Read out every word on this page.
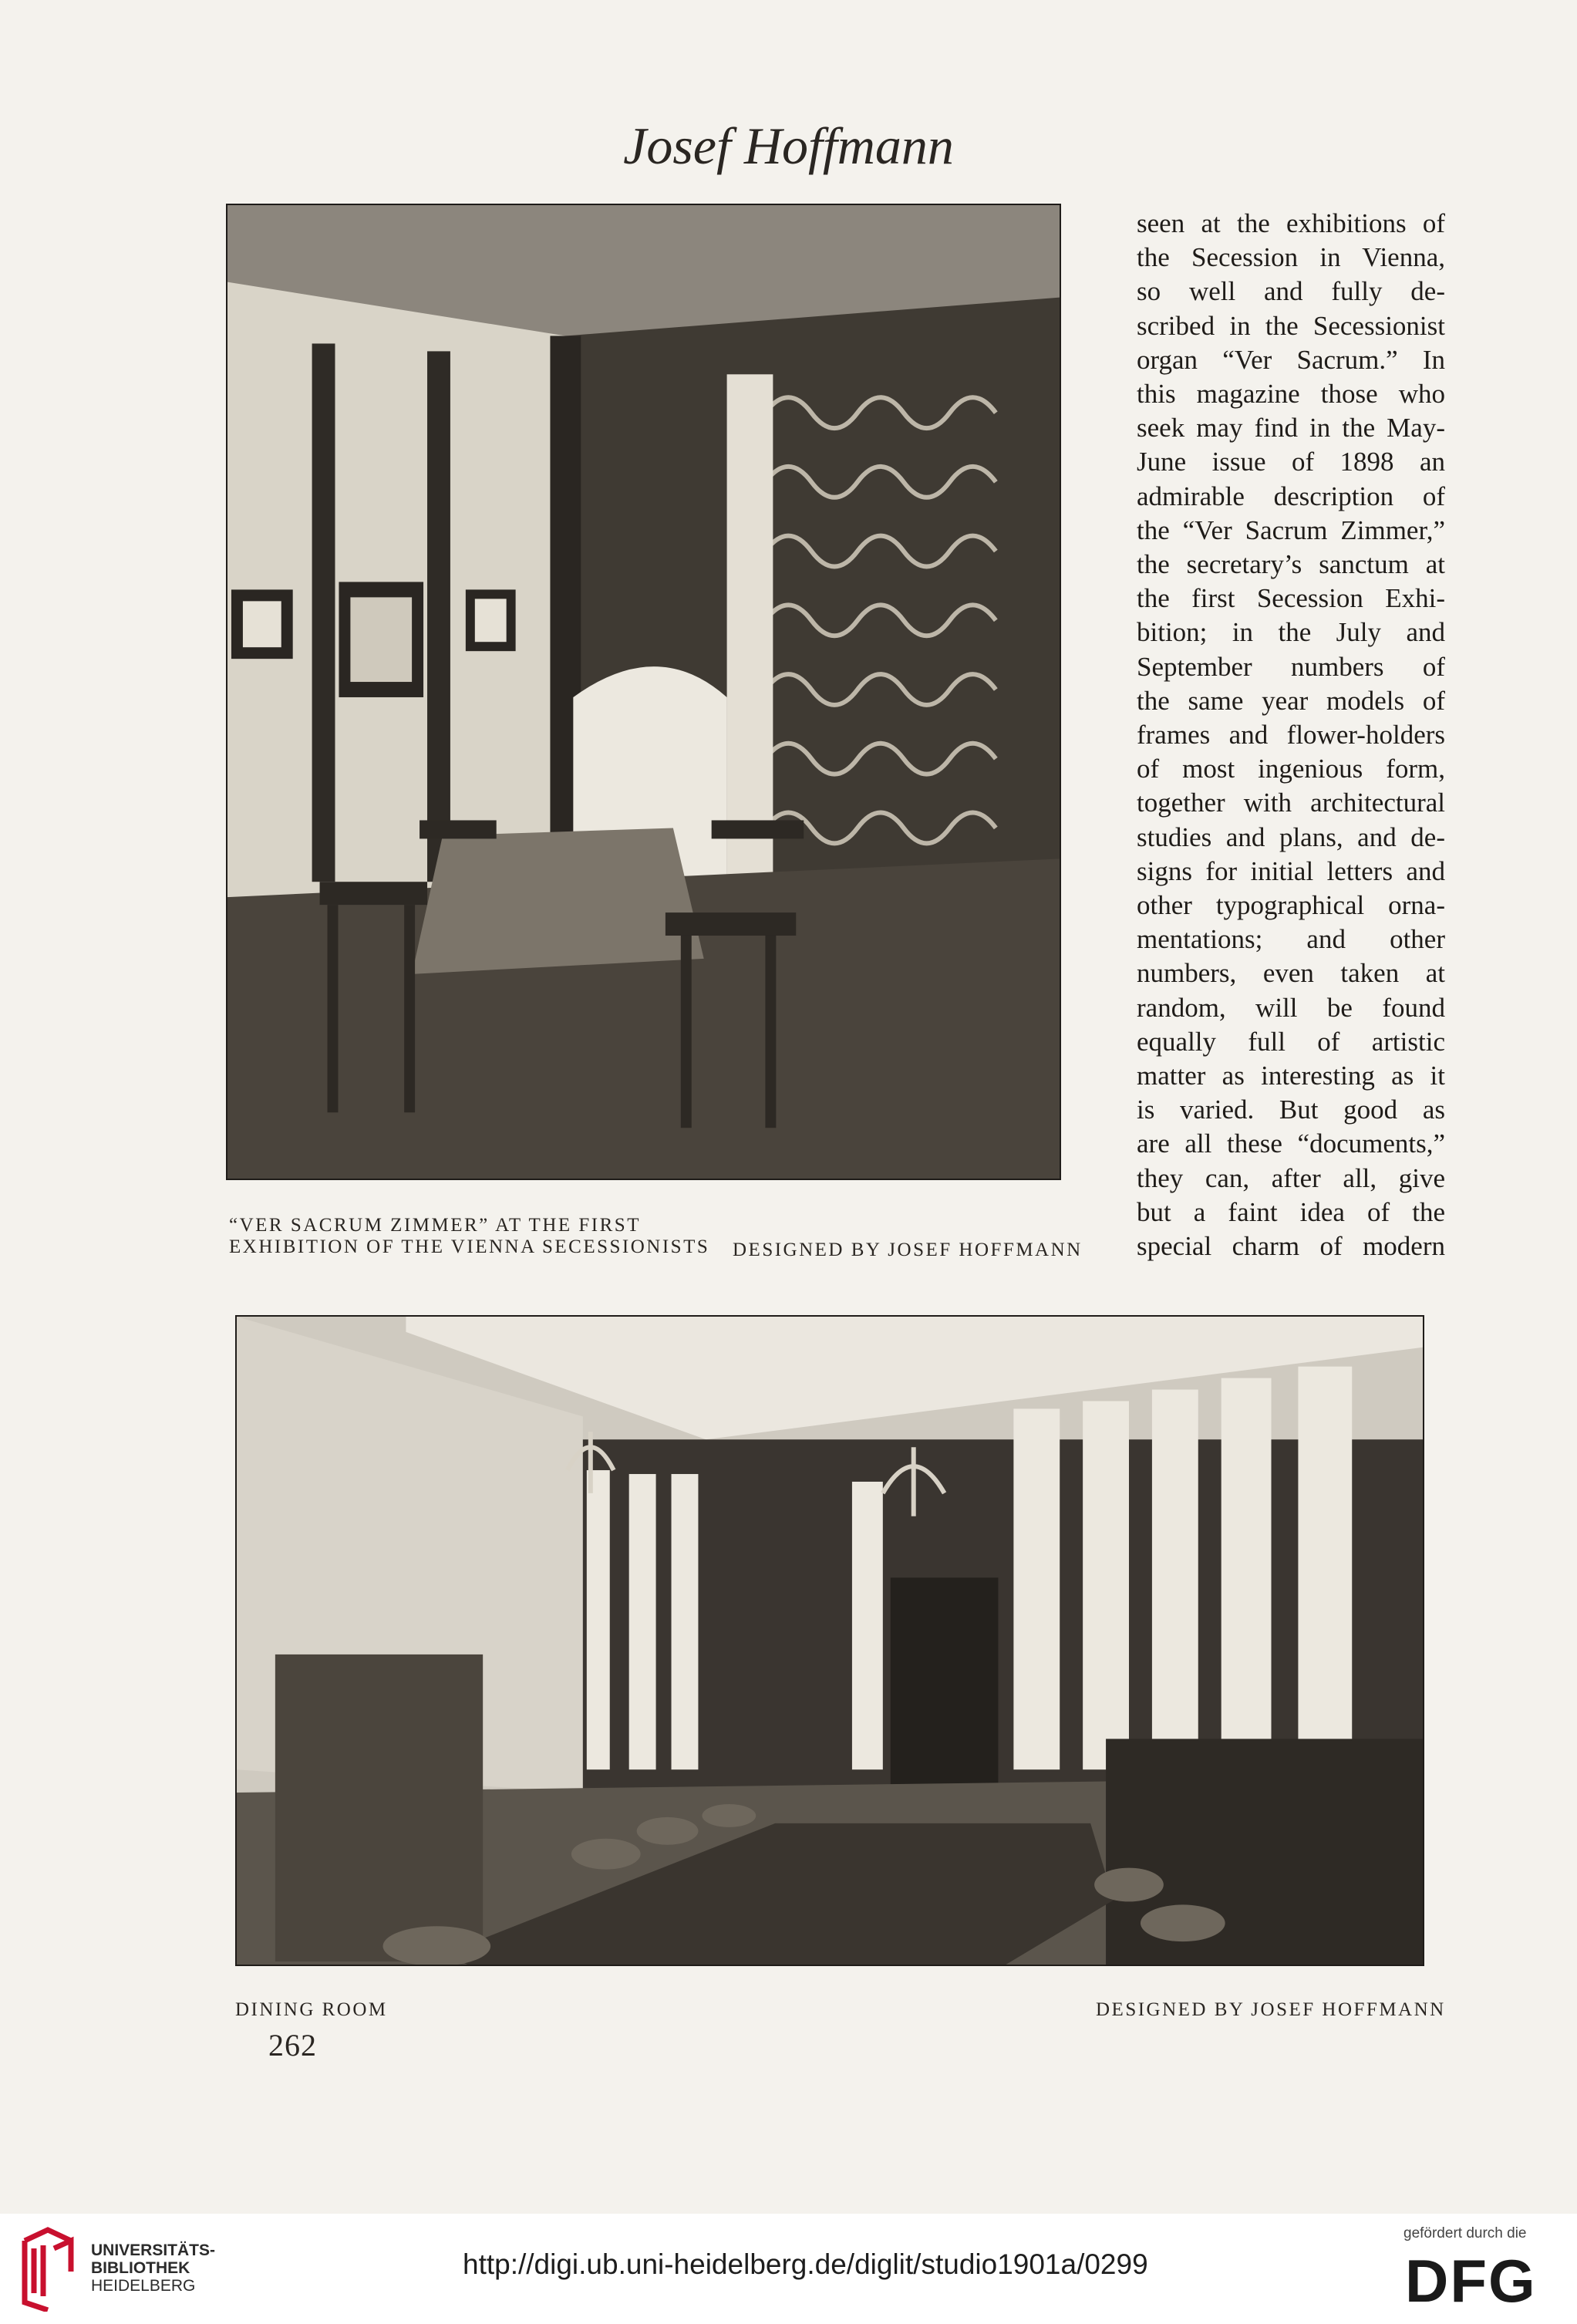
Josef Hoffmann
“VER SACRUM ZIMMER” AT THE FIRST
EXHIBITION OF THE VIENNA SECESSIONISTS DESIGNED BY JOSEF HOFFMANN
seen at the exhibitions of
the Secession in Vienna,
so well and fully de-
scribed in the Secessionist
organ “Ver Sacrum.” In
this magazine those who
seek may find in the May-
June issue of 1898 an
admirable description of
the “Ver Sacrum Zimmer,”
the secretary’s sanctum at
the first Secession Exhi-
bition; in the July and
September numbers of
the same year models of
frames and flower-holders
of most ingenious form,
together with architectural
studies and plans, and de-
signs for initial letters and
other typographical orna-
mentations; and other
numbers, even taken at
random, will be found
equally full of artistic
matter as interesting as it
is varied. But good as
are all these “documents,”
they can, after all, give
but a faint idea of the
special charm of modern
DINING ROOM	DESIGNED BY JOSEF HOFFMANN
262
UNIVERSITÄTS-
BIBLIOTHEK
HEIDELBERG
http://digi.ub.uni-heidelberg.de/diglit/studio1901a/0299
gefördert durch die
DFG
